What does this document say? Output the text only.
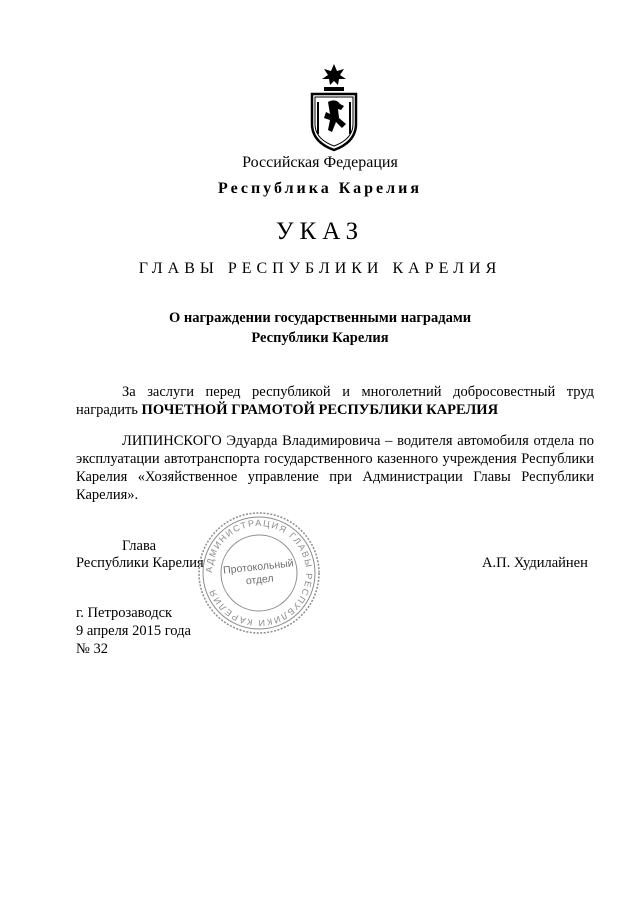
Российская Федерация
Республика Карелия
УКАЗ
ГЛАВЫ РЕСПУБЛИКИ КАРЕЛИЯ
О награждении государственными наградами
Республики Карелия
За заслуги перед республикой и многолетний добросовестный труд наградить ПОЧЕТНОЙ ГРАМОТОЙ РЕСПУБЛИКИ КАРЕЛИЯ
ЛИПИНСКОГО Эдуарда Владимировича – водителя автомобиля отдела по эксплуатации автотранспорта государственного казенного учреждения Республики Карелия «Хозяйственное управление при Администрации Главы Республики Карелия».
Глава
Республики Карелия	А.П. Худилайнен
АДМИНИСТРАЦИЯ ГЛАВЫ РЕСПУБЛИКИ КАРЕЛИЯ
Протокольный
отдел
г. Петрозаводск
9 апреля 2015 года
№ 32
